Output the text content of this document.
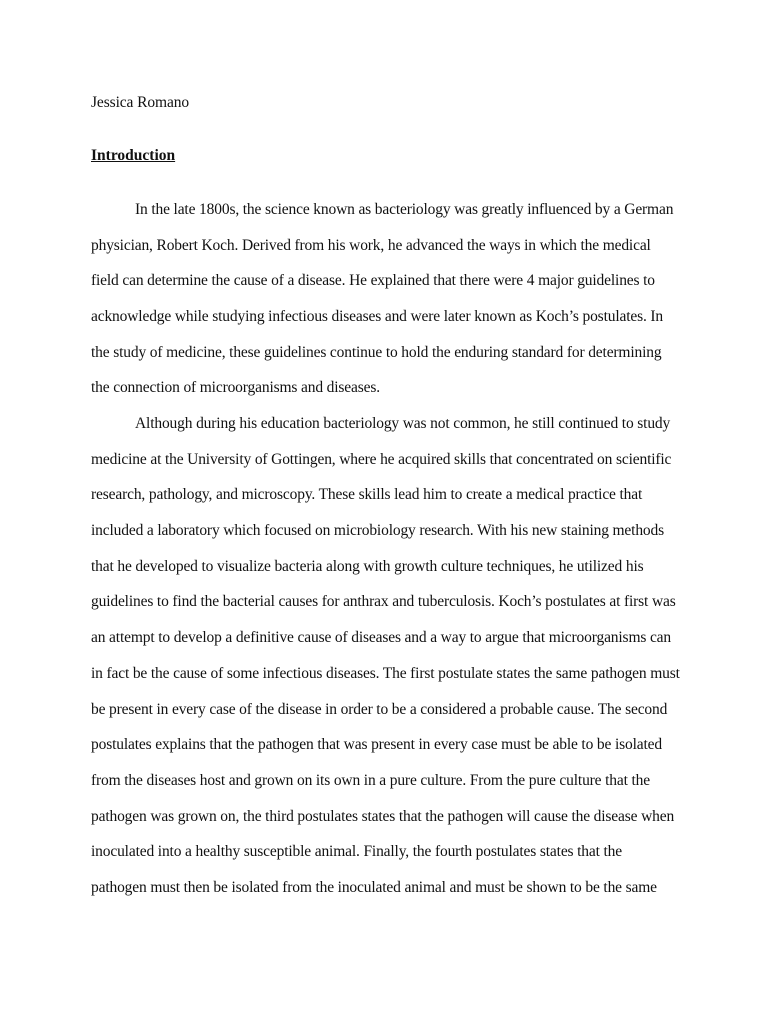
Jessica Romano
Introduction
In the late 1800s, the science known as bacteriology was greatly influenced by a German
physician, Robert Koch. Derived from his work, he advanced the ways in which the medical
field can determine the cause of a disease. He explained that there were 4 major guidelines to
acknowledge while studying infectious diseases and were later known as Koch’s postulates. In
the study of medicine, these guidelines continue to hold the enduring standard for determining
the connection of microorganisms and diseases.
Although during his education bacteriology was not common, he still continued to study
medicine at the University of Gottingen, where he acquired skills that concentrated on scientific
research, pathology, and microscopy. These skills lead him to create a medical practice that
included a laboratory which focused on microbiology research. With his new staining methods
that he developed to visualize bacteria along with growth culture techniques, he utilized his
guidelines to find the bacterial causes for anthrax and tuberculosis. Koch’s postulates at first was
an attempt to develop a definitive cause of diseases and a way to argue that microorganisms can
in fact be the cause of some infectious diseases. The first postulate states the same pathogen must
be present in every case of the disease in order to be a considered a probable cause. The second
postulates explains that the pathogen that was present in every case must be able to be isolated
from the diseases host and grown on its own in a pure culture. From the pure culture that the
pathogen was grown on, the third postulates states that the pathogen will cause the disease when
inoculated into a healthy susceptible animal. Finally, the fourth postulates states that the
pathogen must then be isolated from the inoculated animal and must be shown to be the same
